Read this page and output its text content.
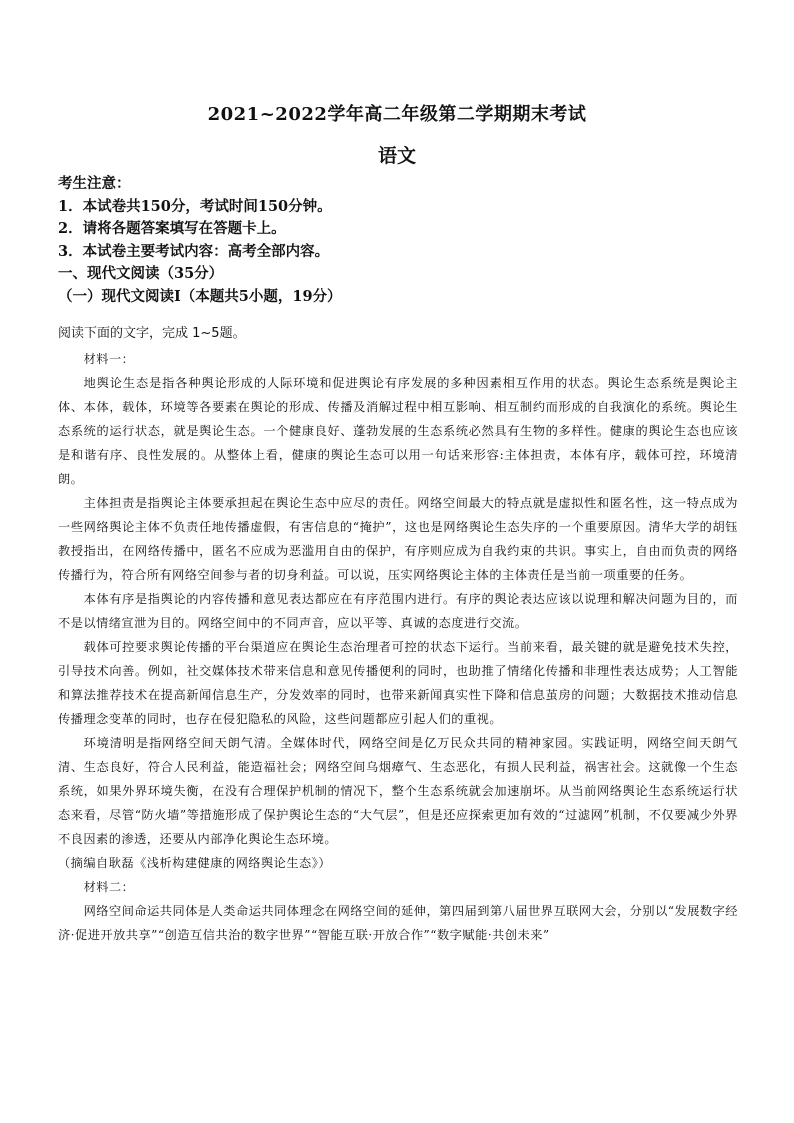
2021~2022学年高二年级第二学期期末考试
语文
考生注意：
1．本试卷共150分，考试时间150分钟。
2．请将各题答案填写在答题卡上。
3．本试卷主要考试内容：高考全部内容。
一、现代文阅读（35分）
（一）现代文阅读Ⅰ（本题共5小题，19分）
阅读下面的文字，完成 1~5题。

材料一：

地舆论生态是指各种舆论形成的人际环境和促进舆论有序发展的多种因素相互作用的状态。舆论生态系统是舆论主体、本体，载体，环境等各要素在舆论的形成、传播及消解过程中相互影响、相互制约而形成的自我演化的系统。舆论生态系统的运行状态，就是舆论生态。一个健康良好、蓬勃发展的生态系统必然具有生物的多样性。健康的舆论生态也应该是和谐有序、良性发展的。从整体上看，健康的舆论生态可以用一句话来形容:主体担责，本体有序，载体可控，环境清朗。

主体担责是指舆论主体要承担起在舆论生态中应尽的责任。网络空间最大的特点就是虚拟性和匿名性，这一特点成为一些网络舆论主体不负责任地传播虚假，有害信息的“掩护”，这也是网络舆论生态失序的一个重要原因。清华大学的胡钰教授指出，在网络传播中，匿名不应成为恶滥用自由的保护，有序则应成为自我约束的共识。事实上，自由而负责的网络传播行为，符合所有网络空间参与者的切身利益。可以说，压实网络舆论主体的主体责任是当前一项重要的任务。

本体有序是指舆论的内容传播和意见表达都应在有序范围内进行。有序的舆论表达应该以说理和解决问题为目的，而不是以情绪宣泄为目的。网络空间中的不同声音，应以平等、真诚的态度进行交流。

载体可控要求舆论传播的平台渠道应在舆论生态治理者可控的状态下运行。当前来看，最关键的就是避免技术失控，引导技术向善。例如，社交媒体技术带来信息和意见传播便利的同时，也助推了情绪化传播和非理性表达成势；人工智能和算法推荐技术在提高新闻信息生产，分发效率的同时，也带来新闻真实性下降和信息茧房的问题；大数据技术推动信息传播理念变革的同时，也存在侵犯隐私的风险，这些问题都应引起人们的重视。

环境清明是指网络空间天朗气清。全媒体时代，网络空间是亿万民众共同的精神家园。实践证明，网络空间天朗气清、生态良好，符合人民利益，能造福社会；网络空间乌烟瘴气、生态恶化，有损人民利益，祸害社会。这就像一个生态系统，如果外界环境失衡，在没有合理保护机制的情况下，整个生态系统就会加速崩坏。从当前网络舆论生态系统运行状态来看，尽管“防火墙”等措施形成了保护舆论生态的“大气层”，但是还应探索更加有效的“过滤网”机制，不仅要减少外界不良因素的渗透，还要从内部净化舆论生态环境。

（摘编自耿磊《浅析构建健康的网络舆论生态》）

材料二：

网络空间命运共同体是人类命运共同体理念在网络空间的延伸，第四届到第八届世界互联网大会，分别以“发展数字经济·促进开放共享”“创造互信共治的数字世界”“智能互联·开放合作”“数字赋能·共创未来”
